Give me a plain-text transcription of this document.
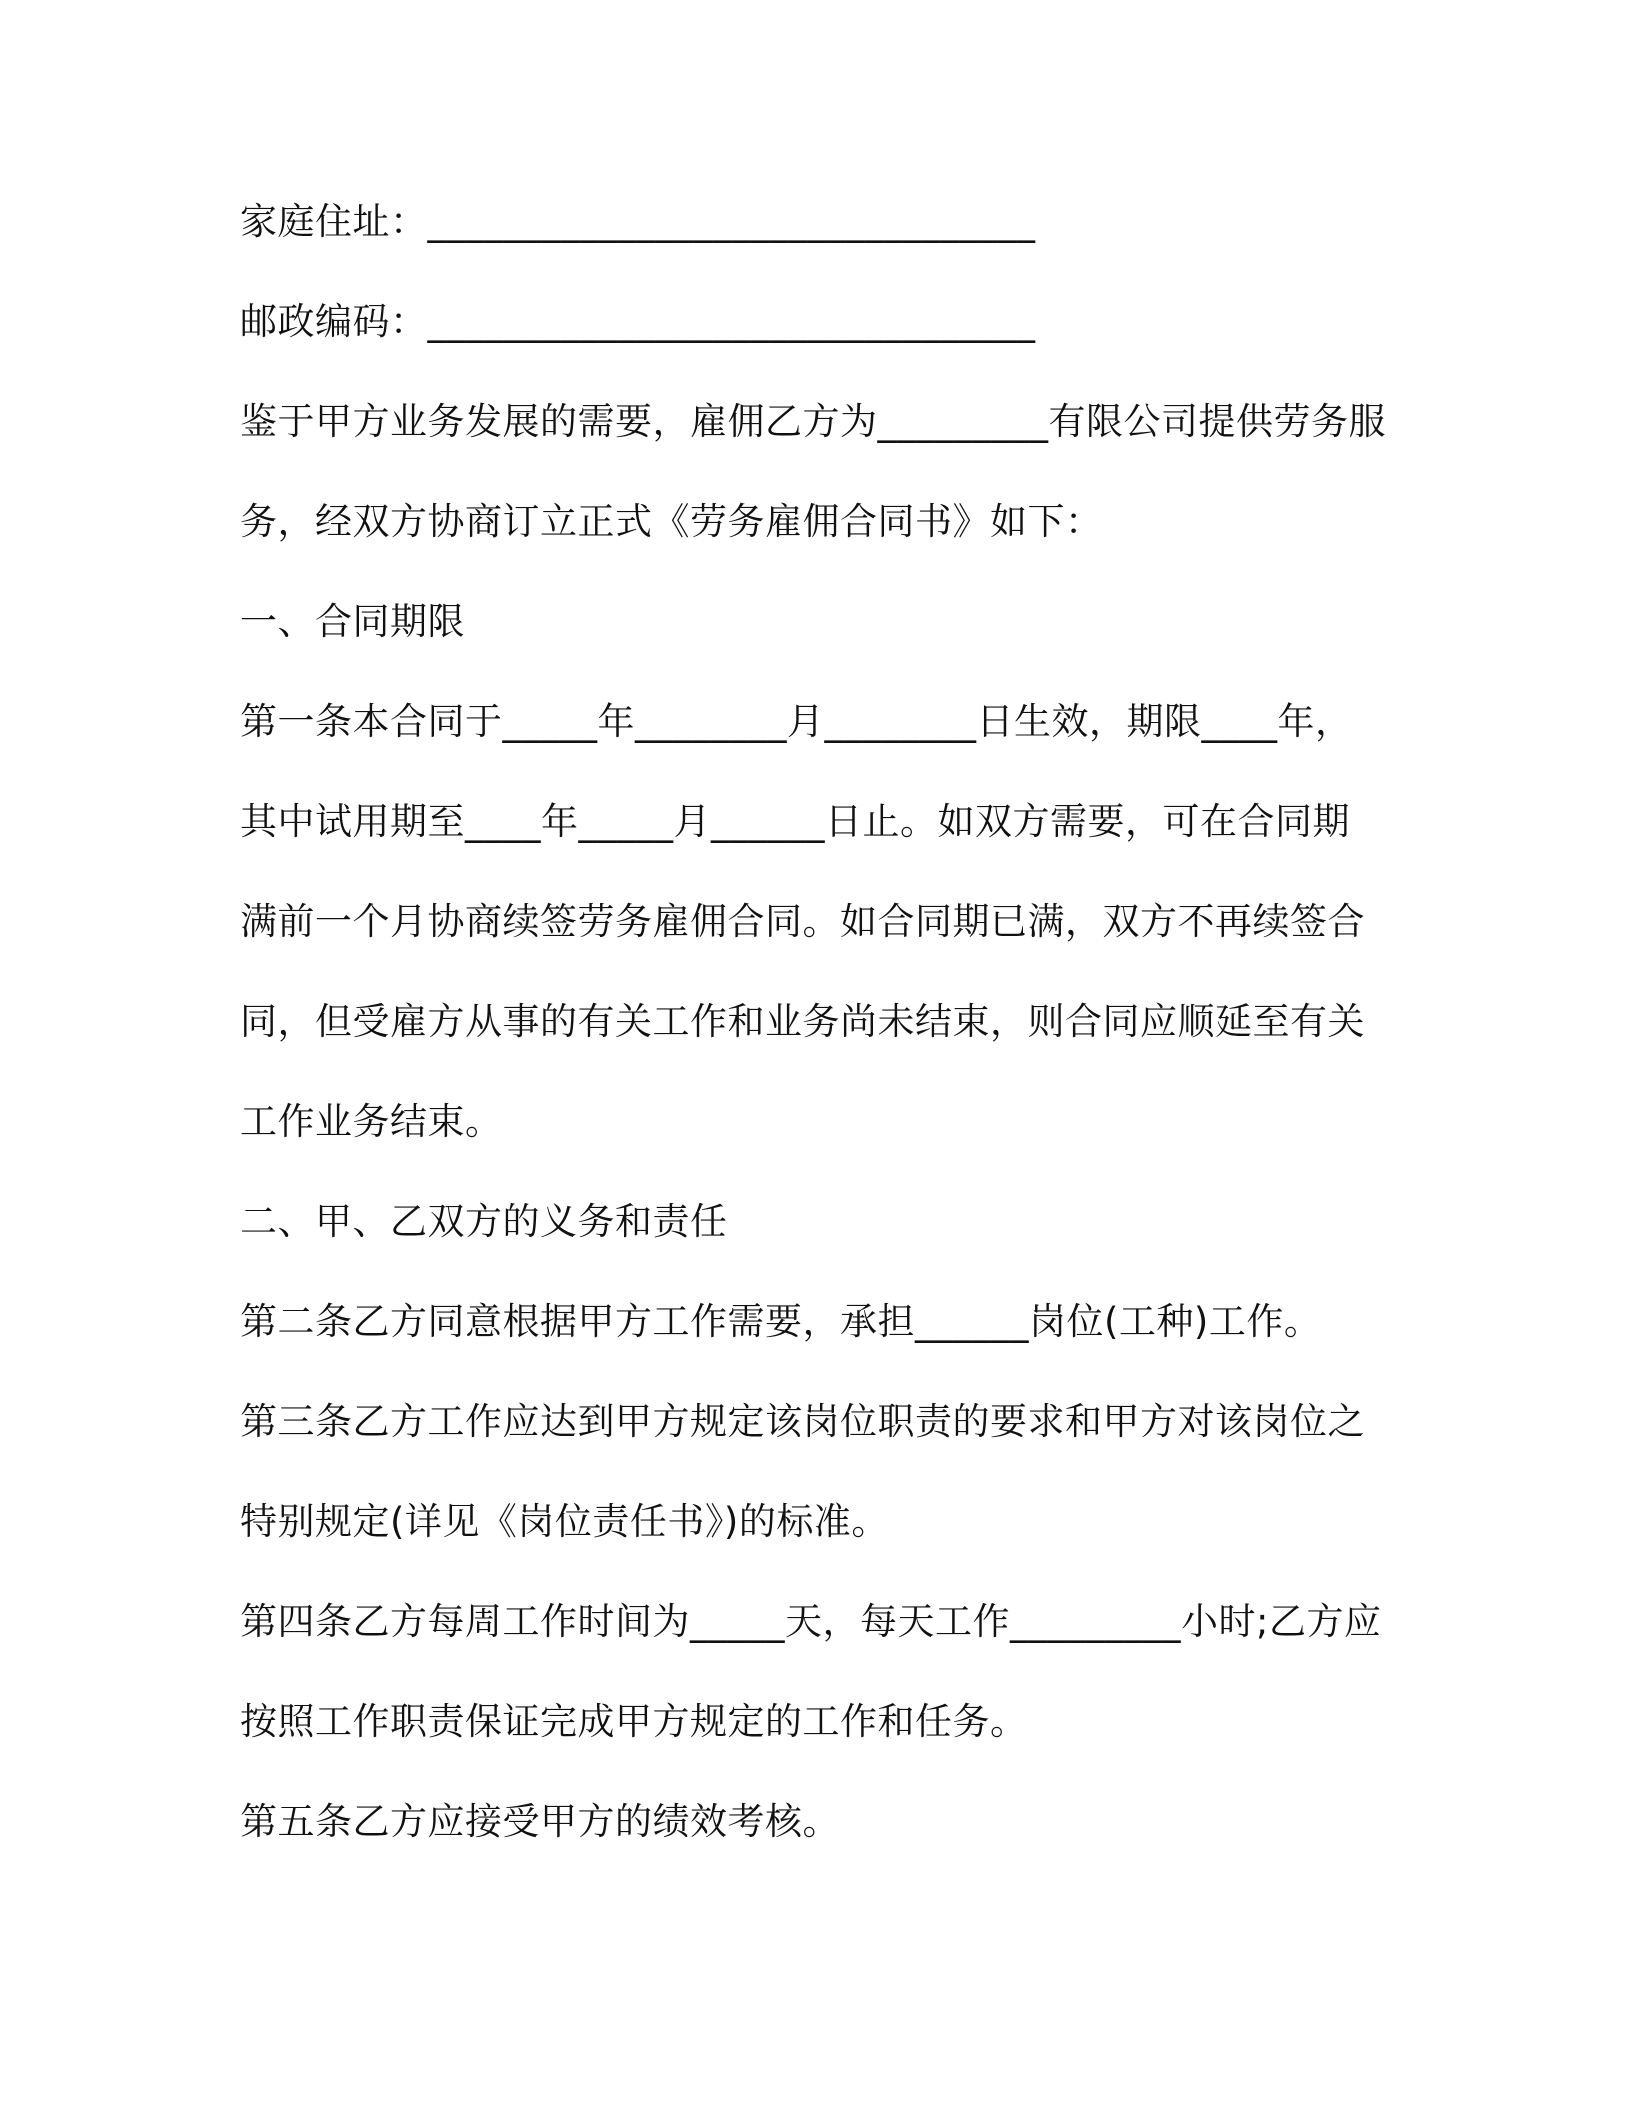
家庭住址：________________________________
邮政编码：________________________________
鉴于甲方业务发展的需要，雇佣乙方为_________有限公司提供劳务服
务，经双方协商订立正式《劳务雇佣合同书》如下：
一、合同期限
第一条本合同于_____年________月________日生效，期限____年，
其中试用期至____年_____月______日止。如双方需要，可在合同期
满前一个月协商续签劳务雇佣合同。如合同期已满，双方不再续签合
同，但受雇方从事的有关工作和业务尚未结束，则合同应顺延至有关
工作业务结束。
二、甲、乙双方的义务和责任
第二条乙方同意根据甲方工作需要，承担______岗位(工种)工作。
第三条乙方工作应达到甲方规定该岗位职责的要求和甲方对该岗位之
特别规定(详见《岗位责任书》)的标准。
第四条乙方每周工作时间为_____天，每天工作_________小时;乙方应
按照工作职责保证完成甲方规定的工作和任务。
第五条乙方应接受甲方的绩效考核。
